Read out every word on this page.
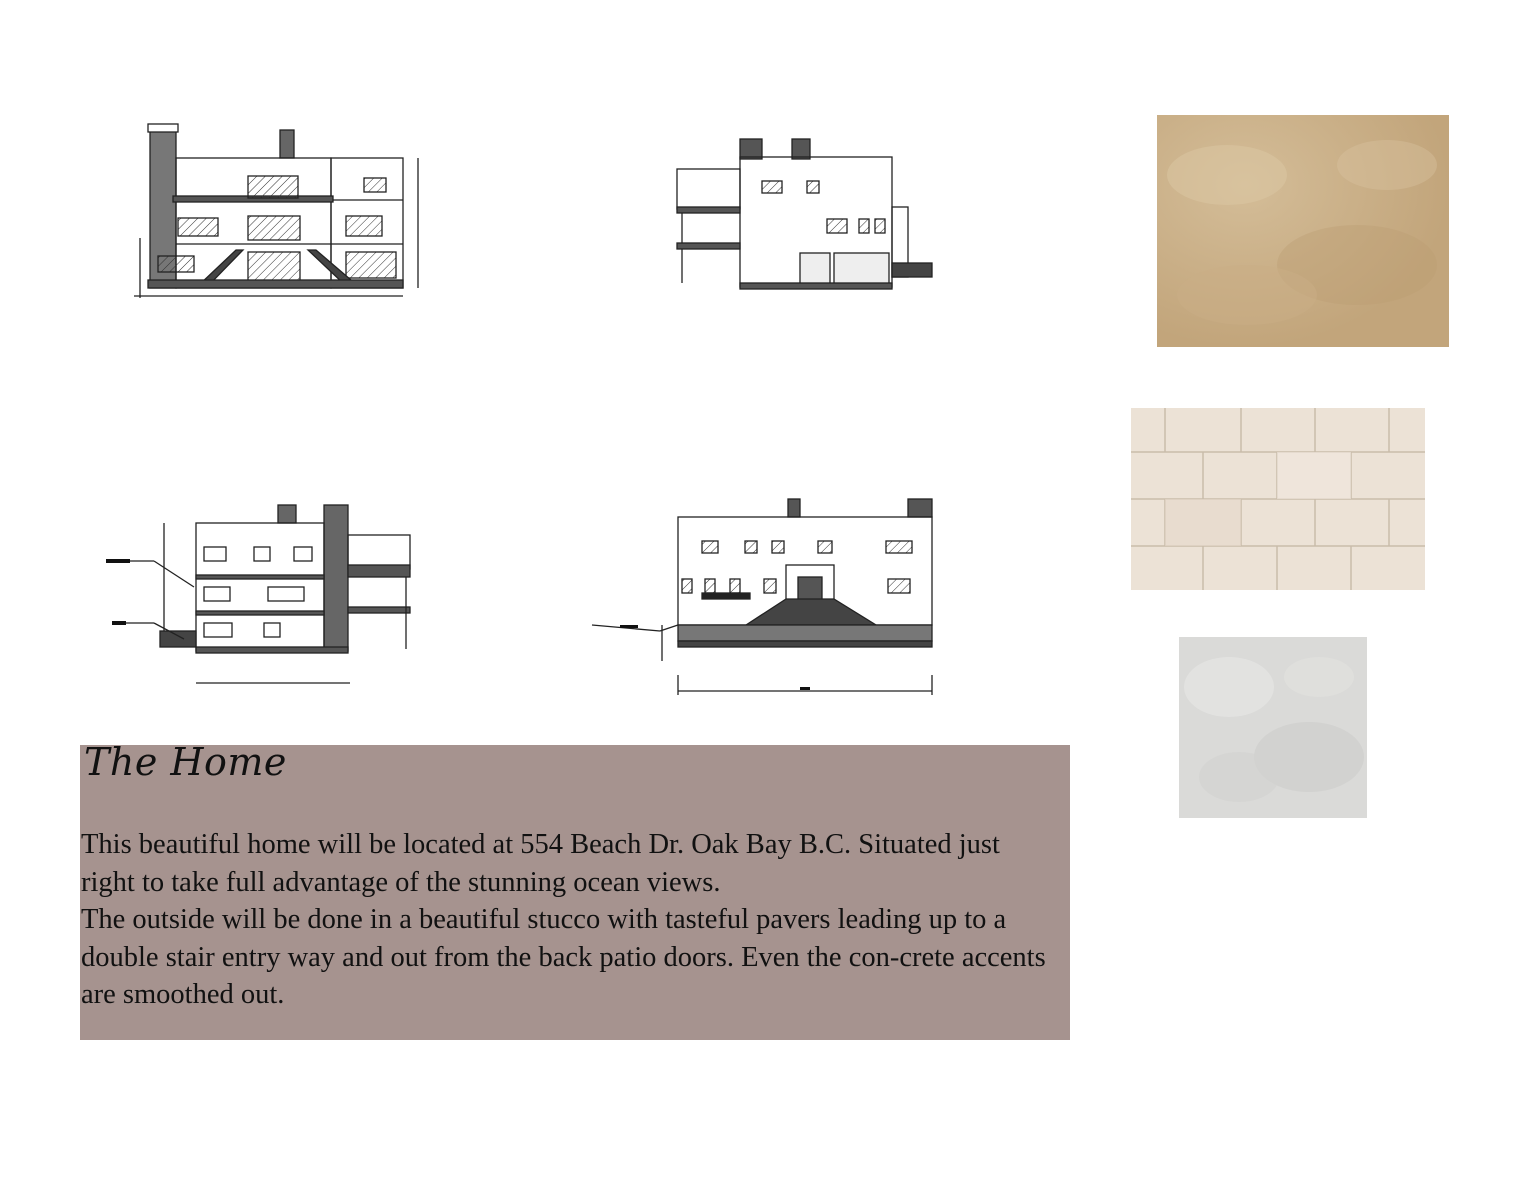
The Home

This beautiful home will be located at 554 Beach Dr. Oak Bay B.C. Situated just right to take full advantage of the stunning ocean views.

The outside will be done in a beautiful stucco with tasteful pavers leading up to a double stair entry way and out from the back patio doors. Even the con-crete accents are smoothed out.
